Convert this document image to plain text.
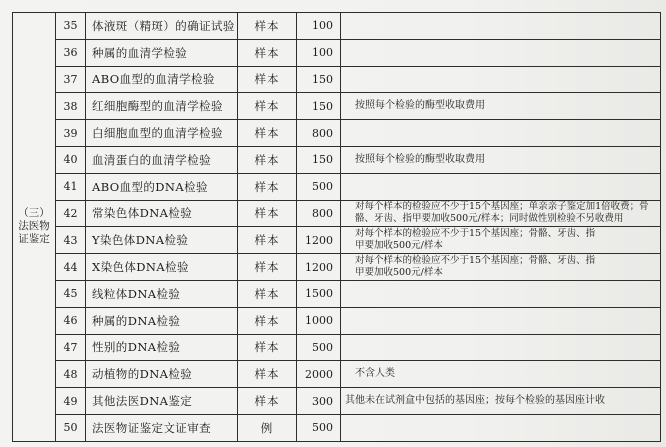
（三）
法医物
证鉴定
35	体液斑（精斑）的确证试验	样本	100
36	种属的血清学检验	样本	100
37	ABO血型的血清学检验	样本	150
38	红细胞酶型的血清学检验	样本	150	按照每个检验的酶型收取费用
39	白细胞血型的血清学检验	样本	800
40	血清蛋白的血清学检验	样本	150	按照每个检验的酶型收取费用
41	ABO血型的DNA检验	样本	500
42	常染色体DNA检验	样本	800	对每个样本的检验应不少于15个基因座；单亲亲子鉴定加1倍收费；骨
骼、牙齿、指甲要加收500元/样本；同时做性别检验不另收费用
43	Y染色体DNA检验	样本	1200	对每个样本的检验应不少于15个基因座；骨骼、牙齿、指
甲要加收500元/样本
44	X染色体DNA检验	样本	1200	对每个样本的检验应不少于15个基因座；骨骼、牙齿、指
甲要加收500元/样本
45	线粒体DNA检验	样本	1500
46	种属的DNA检验	样本	1000
47	性别的DNA检验	样本	500
48	动植物的DNA检验	样本	2000	不含人类
49	其他法医DNA鉴定	样本	300	其他未在试剂盒中包括的基因座；按每个检验的基因座计收
50	法医物证鉴定文证审查	例	500
